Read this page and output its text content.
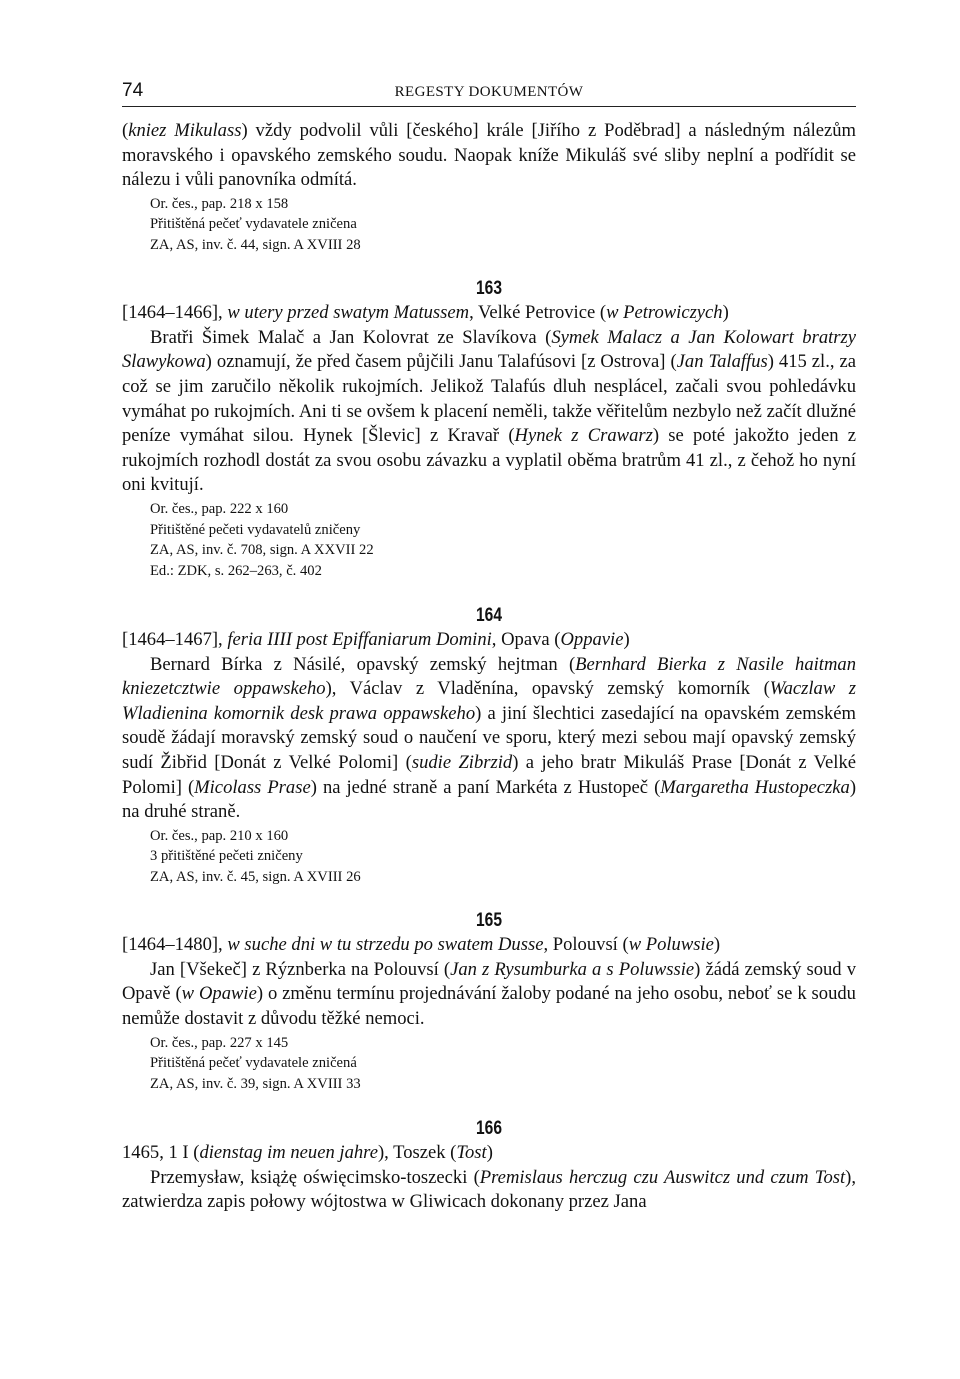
74	REGESTY DOKUMENTÓW

(kniez Mikulass) vždy podvolil vůli [českého] krále [Jiřího z Poděbrad] a následným nálezům moravského i opavského zemského soudu. Naopak kníže Mikuláš své sliby neplní a podřídit se nálezu i vůli panovníka odmítá.

Or. čes., pap. 218 x 158
Přitištěná pečeť vydavatele zničena
ZA, AS, inv. č. 44, sign. A XVIII 28

163

[1464–1466], w utery przed swatym Matussem, Velké Petrovice (w Petrowiczych)

Bratři Šimek Malač a Jan Kolovrat ze Slavíkova (Symek Malacz a Jan Kolowart bratrzy Slawykowa) oznamují, že před časem půjčili Janu Talafúsovi [z Ostrova] (Jan Talaffus) 415 zl., za což se jim zaručilo několik rukojmích. Jelikož Talafús dluh nesplácel, začali svou pohledávku vymáhat po rukojmích. Ani ti se ovšem k placení neměli, takže věřitelům nezbylo než začít dlužné peníze vymáhat silou. Hynek [Šlevic] z Kravař (Hynek z Crawarz) se poté jakožto jeden z rukojmích rozhodl dostát za svou osobu závazku a vyplatil oběma bratrům 41 zl., z čehož ho nyní oni kvitují.

Or. čes., pap. 222 x 160
Přitištěné pečeti vydavatelů zničeny
ZA, AS, inv. č. 708, sign. A XXVII 22
Ed.: ZDK, s. 262–263, č. 402

164

[1464–1467], feria IIII post Epiffaniarum Domini, Opava (Oppavie)

Bernard Bírka z Násilé, opavský zemský hejtman (Bernhard Bierka z Nasile haitman kniezetcztwie oppawskeho), Václav z Vladěnína, opavský zemský komorník (Waczlaw z Wladienina komornik desk prawa oppawskeho) a jiní šlechtici zasedající na opavském zemském soudě žádají moravský zemský soud o naučení ve sporu, který mezi sebou mají opavský zemský sudí Žibřid [Donát z Velké Polomi] (sudie Zibrzid) a jeho bratr Mikuláš Prase [Donát z Velké Polomi] (Micolass Prase) na jedné straně a paní Markéta z Hustopeč (Margaretha Hustopeczka) na druhé straně.

Or. čes., pap. 210 x 160
3 přitištěné pečeti zničeny
ZA, AS, inv. č. 45, sign. A XVIII 26

165

[1464–1480], w suche dni w tu strzedu po swatem Dusse, Polouvsí (w Poluwsie)

Jan [Všekeč] z Rýznberka na Polouvsí (Jan z Rysumburka a s Poluwssie) žádá zemský soud v Opavě (w Opawie) o změnu termínu projednávání žaloby podané na jeho osobu, neboť se k soudu nemůže dostavit z důvodu těžké nemoci.

Or. čes., pap. 227 x 145
Přitištěná pečeť vydavatele zničená
ZA, AS, inv. č. 39, sign. A XVIII 33

166

1465, 1 I (dienstag im neuen jahre), Toszek (Tost)

Przemysław, książę oświęcimsko-toszecki (Premislaus herczug czu Auswitcz und czum Tost), zatwierdza zapis połowy wójtostwa w Gliwicach dokonany przez Jana
